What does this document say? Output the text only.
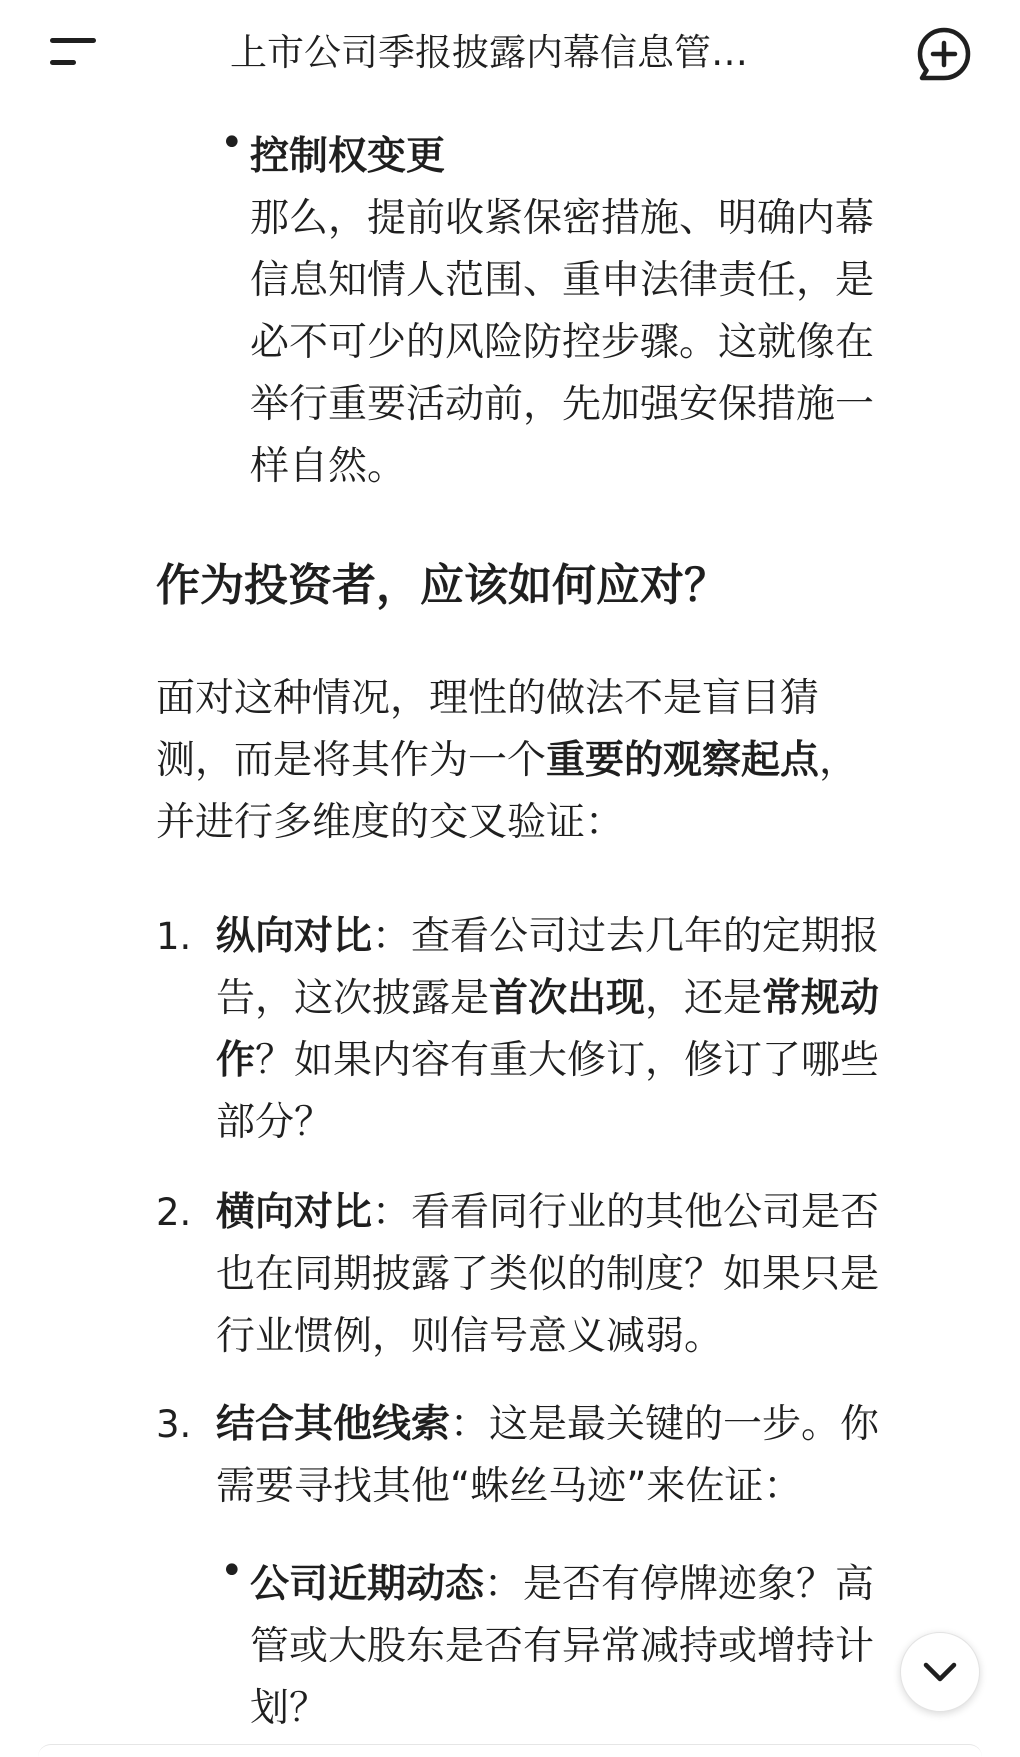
• 控制权变更
那么，提前收紧保密措施、明确内幕
信息知情人范围、重申法律责任，是
必不可少的风险防控步骤。这就像在
举行重要活动前，先加强安保措施一
样自然。
作为投资者，应该如何应对？
面对这种情况，理性的做法不是盲目猜
测，而是将其作为一个重要的观察起点，
并进行多维度的交叉验证：
1. 纵向对比：查看公司过去几年的定期报
告，这次披露是首次出现，还是常规动
作？如果内容有重大修订，修订了哪些
部分？
2. 横向对比：看看同行业的其他公司是否
也在同期披露了类似的制度？如果只是
行业惯例，则信号意义减弱。
3. 结合其他线索：这是最关键的一步。你
需要寻找其他“蛛丝马迹”来佐证：
• 公司近期动态：是否有停牌迹象？高
管或大股东是否有异常减持或增持计
划？
上市公司季报披露内幕信息管…
